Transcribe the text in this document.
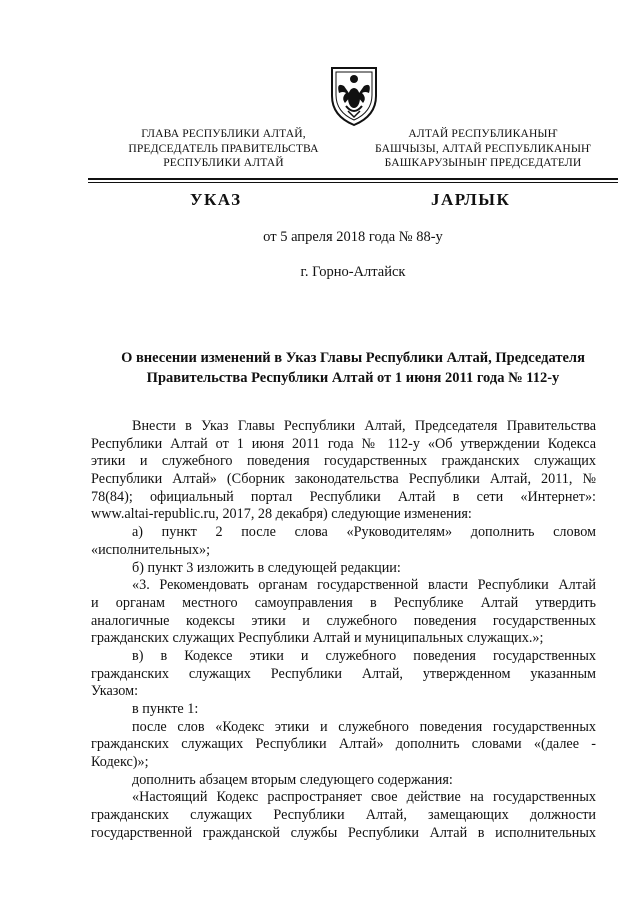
ГЛАВА РЕСПУБЛИКИ АЛТАЙ,
ПРЕДСЕДАТЕЛЬ ПРАВИТЕЛЬСТВА
РЕСПУБЛИКИ АЛТАЙ
АЛТАЙ РЕСПУБЛИКАНЫҤ
БАШЧЫЗЫ, АЛТАЙ РЕСПУБЛИКАНЫҤ
БАШКАРУЗЫНЫҤ ПРЕДСЕДАТЕЛИ
УКАЗ	JАРЛЫК
от 5 апреля 2018 года № 88-у
г. Горно-Алтайск
О внесении изменений в Указ Главы Республики Алтай, Председателя
Правительства Республики Алтай от 1 июня 2011 года № 112-у
Внести в Указ Главы Республики Алтай, Председателя Правительства
Республики Алтай от 1 июня 2011 года № 112-у «Об утверждении Кодекса
этики и служебного поведения государственных гражданских служащих
Республики Алтай» (Сборник законодательства Республики Алтай, 2011, №
78(84); официальный портал Республики Алтай в сети «Интернет»:
www.altai-republic.ru, 2017, 28 декабря) следующие изменения:
а) пункт 2 после слова «Руководителям» дополнить словом
«исполнительных»;
б) пункт 3 изложить в следующей редакции:
«3. Рекомендовать органам государственной власти Республики Алтай
и органам местного самоуправления в Республике Алтай утвердить
аналогичные кодексы этики и служебного поведения государственных
гражданских служащих Республики Алтай и муниципальных служащих.»;
в) в Кодексе этики и служебного поведения государственных
гражданских служащих Республики Алтай, утвержденном указанным
Указом:
в пункте 1:
после слов «Кодекс этики и служебного поведения государственных
гражданских служащих Республики Алтай» дополнить словами «(далее -
Кодекс)»;
дополнить абзацем вторым следующего содержания:
«Настоящий Кодекс распространяет свое действие на государственных
гражданских служащих Республики Алтай, замещающих должности
государственной гражданской службы Республики Алтай в исполнительных
